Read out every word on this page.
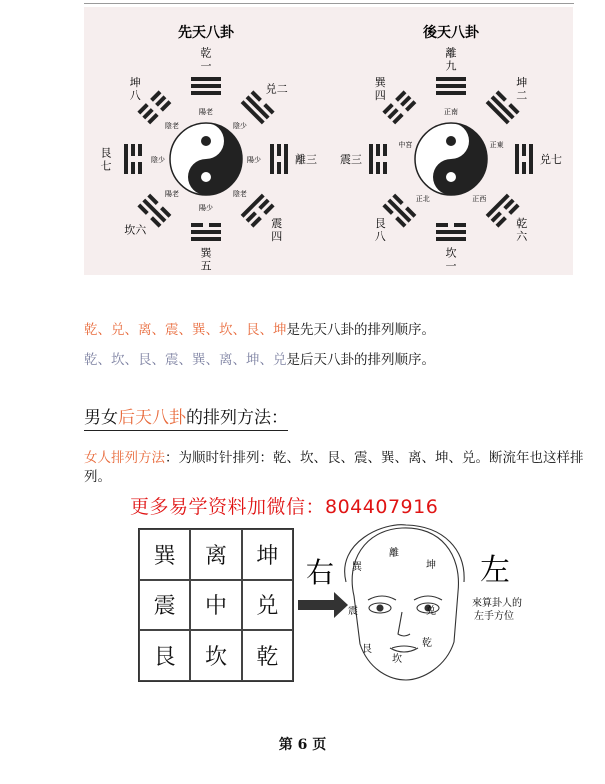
先天八卦
乾
一
兑二
離三
震
四
巽
五
坎六
艮
七
坤
八
陽老
陰少
陽少
陰老
陽少
陽老
陰少
陰老
後天八卦
離
九
坤
二
兑七
乾
六
坎
一
艮
八
震三
巽
四
正南
正東
正西
正北
中宮
乾、兑、离、震、巽、坎、艮、坤是先天八卦的排列顺序。
乾、坎、艮、震、巽、离、坤、兑是后天八卦的排列顺序。
男女后天八卦的排列方法：
女人排列方法：为顺时针排列：乾、坎、艮、震、巽、离、坤、兑。断流年也这样排列。
更多易学资料加微信：804407916
巽	离	坤
震	中	兑
艮	坎	乾
右
離
巽	坤
震	兑
艮
乾
坎
左
來算卦人的
左手方位
第 6 页
